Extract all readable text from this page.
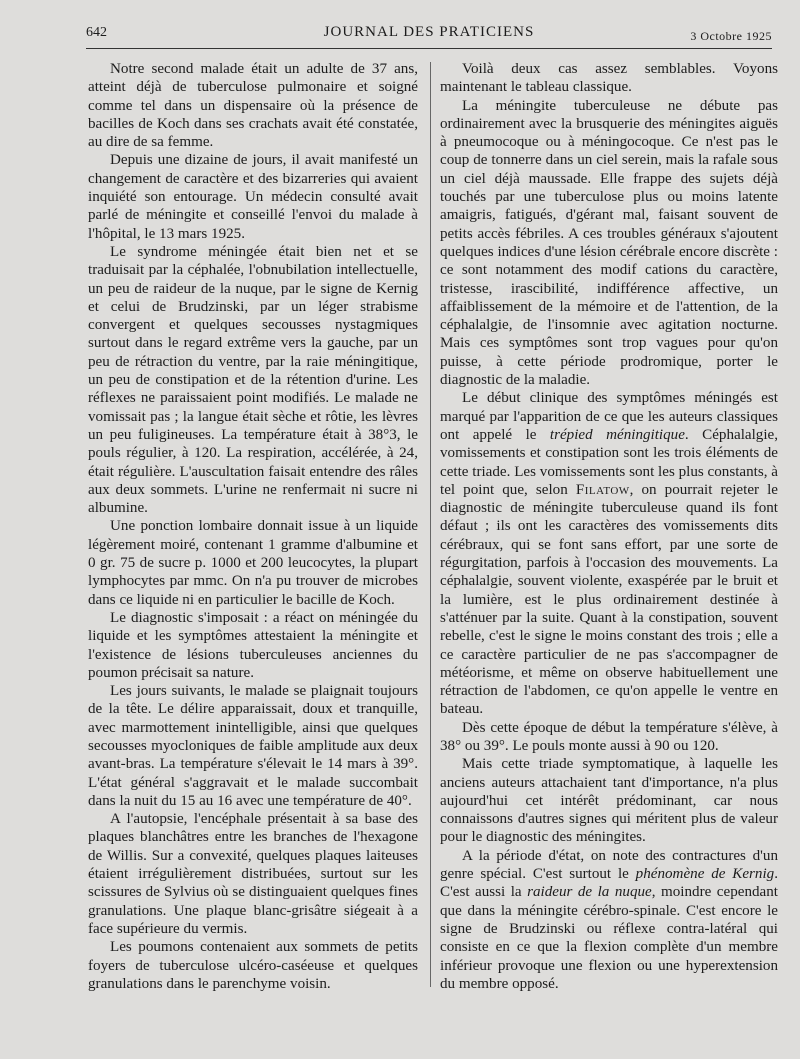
642	JOURNAL DES PRATICIENS	3 Octobre 1925

Notre second malade était un adulte de 37 ans, atteint déjà de tuberculose pulmonaire et soigné comme tel dans un dispensaire où la présence de bacilles de Koch dans ses crachats avait été constatée, au dire de sa femme.

Depuis une dizaine de jours, il avait manifesté un changement de caractère et des bizarreries qui avaient inquiété son entourage. Un médecin consulté avait parlé de méningite et conseillé l'envoi du malade à l'hôpital, le 13 mars 1925.

Le syndrome méningée était bien net et se traduisait par la céphalée, l'obnubilation intellectuelle, un peu de raideur de la nuque, par le signe de Kernig et celui de Brudzinski, par un léger strabisme convergent et quelques secousses nystagmiques surtout dans le regard extrême vers la gauche, par un peu de rétraction du ventre, par la raie méningitique, un peu de constipation et de la rétention d'urine. Les réflexes ne paraissaient point modifiés. Le malade ne vomissait pas ; la langue était sèche et rôtie, les lèvres un peu fuligineuses. La température était à 38°3, le pouls régulier, à 120. La respiration, accélérée, à 24, était régulière. L'auscultation faisait entendre des râles aux deux sommets. L'urine ne renfermait ni sucre ni albumine.

Une ponction lombaire donnait issue à un liquide légèrement moiré, contenant 1 gramme d'albumine et 0 gr. 75 de sucre p. 1000 et 200 leucocytes, la plupart lymphocytes par mmc. On n'a pu trouver de microbes dans ce liquide ni en particulier le bacille de Koch.

Le diagnostic s'imposait : a réact on méningée du liquide et les symptômes attestaient la méningite et l'existence de lésions tuberculeuses anciennes du poumon précisait sa nature.

Les jours suivants, le malade se plaignait toujours de la tête. Le délire apparaissait, doux et tranquille, avec marmottement inintelligible, ainsi que quelques secousses myocloniques de faible amplitude aux deux avant-bras. La température s'élevait le 14 mars à 39°. L'état général s'aggravait et le malade succombait dans la nuit du 15 au 16 avec une température de 40°.

A l'autopsie, l'encéphale présentait à sa base des plaques blanchâtres entre les branches de l'hexagone de Willis. Sur a convexité, quelques plaques laiteuses étaient irrégulièrement distribuées, surtout sur les scissures de Sylvius où se distinguaient quelques fines granulations. Une plaque blanc-grisâtre siégeait à a face supérieure du vermis.

Les poumons contenaient aux sommets de petits foyers de tuberculose ulcéro-caséeuse et quelques granulations dans le parenchyme voisin.

Voilà deux cas assez semblables. Voyons maintenant le tableau classique.

La méningite tuberculeuse ne débute pas ordinairement avec la brusquerie des méningites aiguës à pneumocoque ou à méningocoque. Ce n'est pas le coup de tonnerre dans un ciel serein, mais la rafale sous un ciel déjà maussade. Elle frappe des sujets déjà touchés par une tuberculose plus ou moins latente amaigris, fatigués, d'gérant mal, faisant souvent de petits accès fébriles. A ces troubles généraux s'ajoutent quelques indices d'une lésion cérébrale encore discrète : ce sont notamment des modif cations du caractère, tristesse, irascibilité, indifférence affective, un affaiblissement de la mémoire et de l'attention, de la céphalalgie, de l'insomnie avec agitation nocturne. Mais ces symptômes sont trop vagues pour qu'on puisse, à cette période prodromique, porter le diagnostic de la maladie.

Le début clinique des symptômes méningés est marqué par l'apparition de ce que les auteurs classiques ont appelé le trépied méningitique. Céphalalgie, vomissements et constipation sont les trois éléments de cette triade. Les vomissements sont les plus constants, à tel point que, selon Filatow, on pourrait rejeter le diagnostic de méningite tuberculeuse quand ils font défaut ; ils ont les caractères des vomissements dits cérébraux, qui se font sans effort, par une sorte de régurgitation, parfois à l'occasion des mouvements. La céphalalgie, souvent violente, exaspérée par le bruit et la lumière, est le plus ordinairement destinée à s'atténuer par la suite. Quant à la constipation, souvent rebelle, c'est le signe le moins constant des trois ; elle a ce caractère particulier de ne pas s'accompagner de météorisme, et même on observe habituellement une rétraction de l'abdomen, ce qu'on appelle le ventre en bateau.

Dès cette époque de début la température s'élève, à 38° ou 39°. Le pouls monte aussi à 90 ou 120.

Mais cette triade symptomatique, à laquelle les anciens auteurs attachaient tant d'importance, n'a plus aujourd'hui cet intérêt prédominant, car nous connaissons d'autres signes qui méritent plus de valeur pour le diagnostic des méningites.

A la période d'état, on note des contractures d'un genre spécial. C'est surtout le phénomène de Kernig. C'est aussi la raideur de la nuque, moindre cependant que dans la méningite cérébro-spinale. C'est encore le signe de Brudzinski ou réflexe contra-latéral qui consiste en ce que la flexion complète d'un membre inférieur provoque une flexion ou une hyperextension du membre opposé.
